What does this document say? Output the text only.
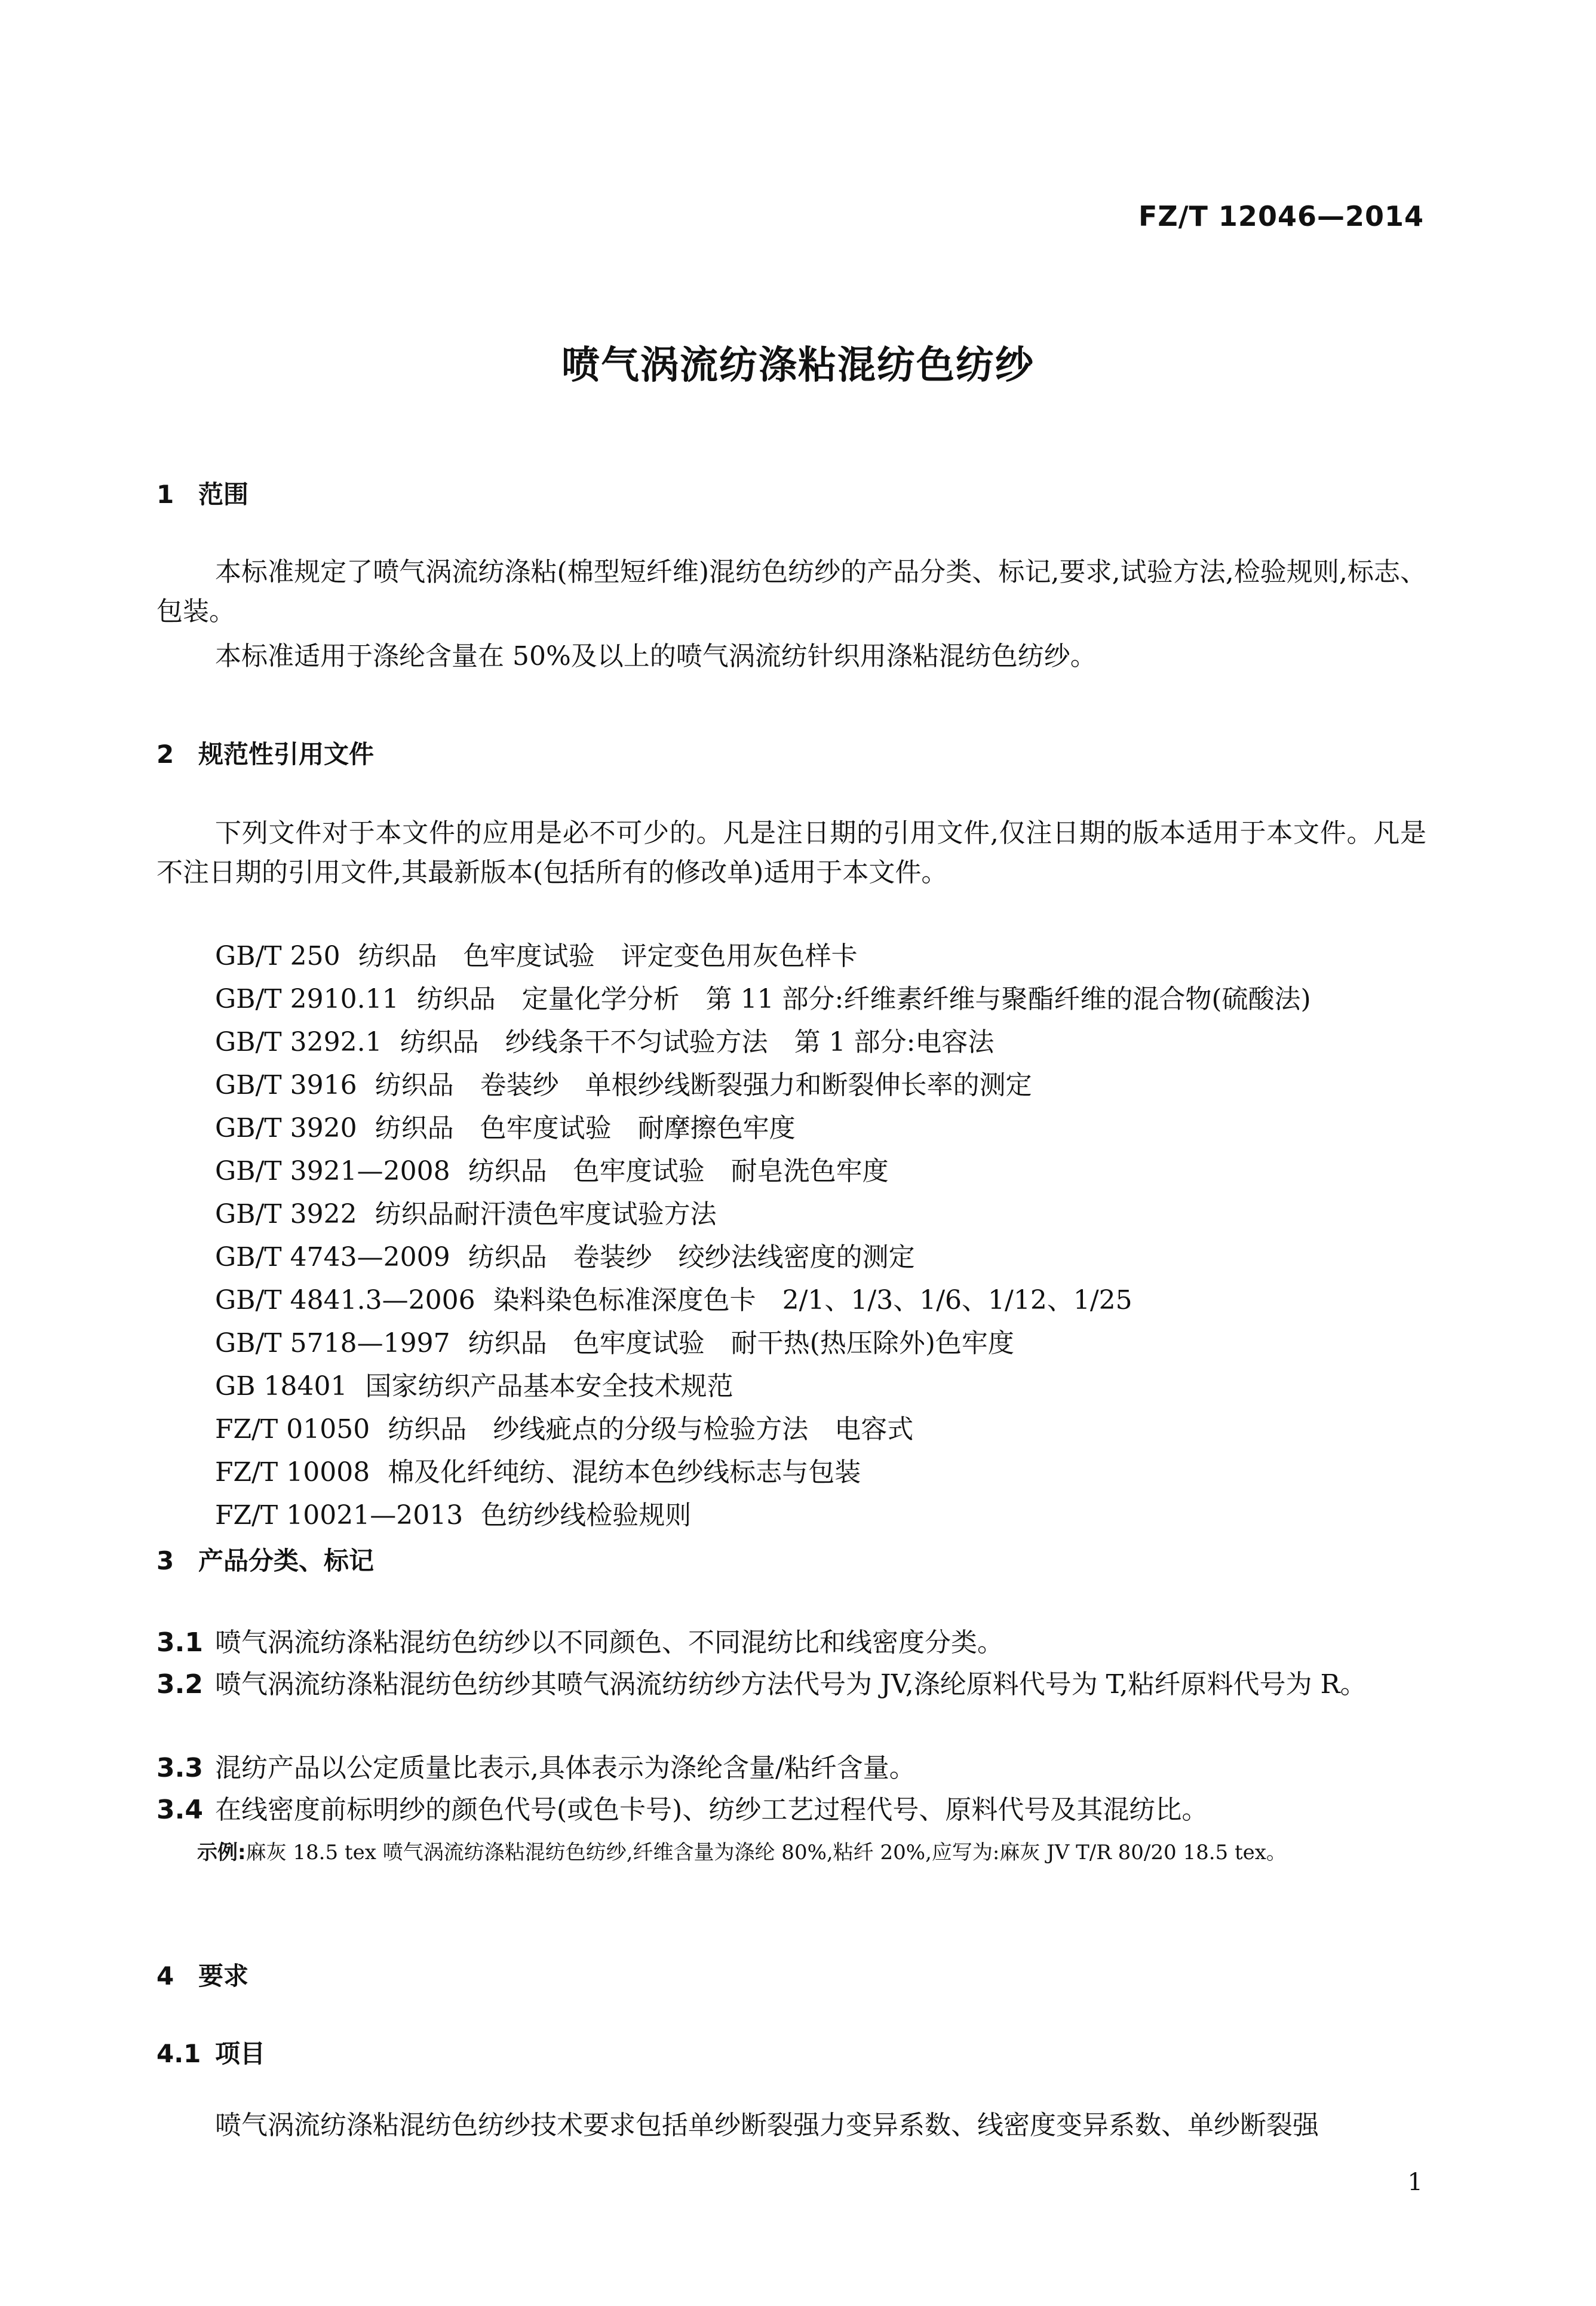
FZ/T 12046—2014
喷气涡流纺涤粘混纺色纺纱
1 范围
本标准规定了喷气涡流纺涤粘(棉型短纤维)混纺色纺纱的产品分类、标记,要求,试验方法,检验规则,标志、包装。
本标准适用于涤纶含量在 50%及以上的喷气涡流纺针织用涤粘混纺色纺纱。
2 规范性引用文件
下列文件对于本文件的应用是必不可少的。凡是注日期的引用文件,仅注日期的版本适用于本文件。凡是不注日期的引用文件,其最新版本(包括所有的修改单)适用于本文件。
GB/T 250 纺织品　色牢度试验　评定变色用灰色样卡
GB/T 2910.11 纺织品　定量化学分析　第 11 部分:纤维素纤维与聚酯纤维的混合物(硫酸法)
GB/T 3292.1 纺织品　纱线条干不匀试验方法　第 1 部分:电容法
GB/T 3916 纺织品　卷装纱　单根纱线断裂强力和断裂伸长率的测定
GB/T 3920 纺织品　色牢度试验　耐摩擦色牢度
GB/T 3921—2008 纺织品　色牢度试验　耐皂洗色牢度
GB/T 3922 纺织品耐汗渍色牢度试验方法
GB/T 4743—2009 纺织品　卷装纱　绞纱法线密度的测定
GB/T 4841.3—2006 染料染色标准深度色卡　2/1、1/3、1/6、1/12、1/25
GB/T 5718—1997 纺织品　色牢度试验　耐干热(热压除外)色牢度
GB 18401 国家纺织产品基本安全技术规范
FZ/T 01050 纺织品　纱线疵点的分级与检验方法　电容式
FZ/T 10008 棉及化纤纯纺、混纺本色纱线标志与包装
FZ/T 10021—2013 色纺纱线检验规则
3 产品分类、标记
3.1 喷气涡流纺涤粘混纺色纺纱以不同颜色、不同混纺比和线密度分类。
3.2 喷气涡流纺涤粘混纺色纺纱其喷气涡流纺纺纱方法代号为 JV,涤纶原料代号为 T,粘纤原料代号为 R。
3.3 混纺产品以公定质量比表示,具体表示为涤纶含量/粘纤含量。
3.4 在线密度前标明纱的颜色代号(或色卡号)、纺纱工艺过程代号、原料代号及其混纺比。
示例:麻灰 18.5 tex 喷气涡流纺涤粘混纺色纺纱,纤维含量为涤纶 80%,粘纤 20%,应写为:麻灰 JV T/R 80/20 18.5 tex。
4 要求
4.1 项目
喷气涡流纺涤粘混纺色纺纱技术要求包括单纱断裂强力变异系数、线密度变异系数、单纱断裂强
1
